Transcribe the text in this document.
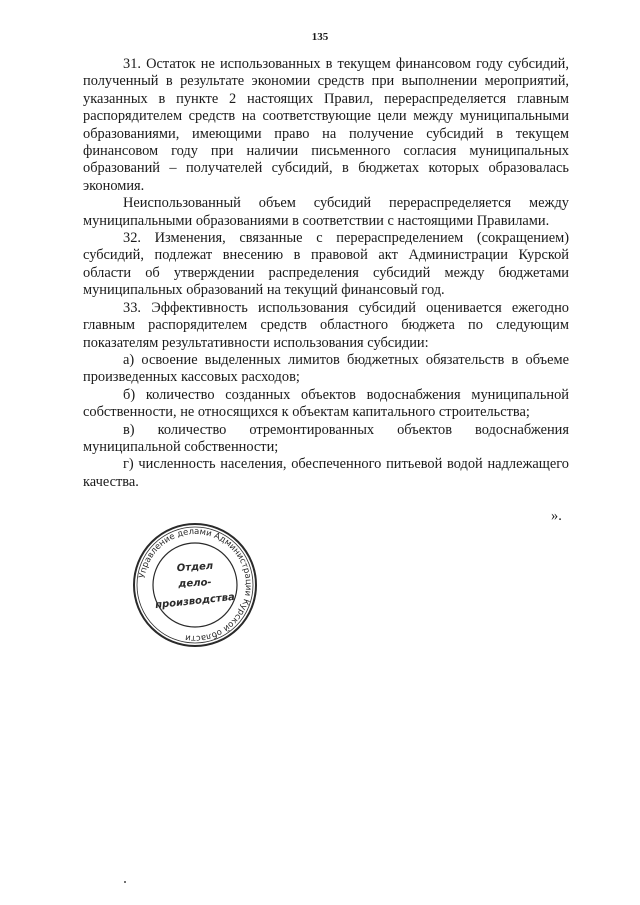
135

31. Остаток не использованных в текущем финансовом году субсидий, полученный в результате экономии средств при выполнении мероприятий, указанных в пункте 2 настоящих Правил, перераспределяется главным распорядителем средств на соответствующие цели между муниципальными образованиями, имеющими право на получение субсидий в текущем финансовом году при наличии письменного согласия муниципальных образований – получателей субсидий, в бюджетах которых образовалась экономия.

Неиспользованный объем субсидий перераспределяется между муниципальными образованиями в соответствии с настоящими Правилами.

32. Изменения, связанные с перераспределением (сокращением) субсидий, подлежат внесению в правовой акт Администрации Курской области об утверждении распределения субсидий между бюджетами муниципальных образований на текущий финансовый год.

33. Эффективность использования субсидий оценивается ежегодно главным распорядителем средств областного бюджета по следующим показателям результативности использования субсидии:

а) освоение выделенных лимитов бюджетных обязательств в объеме произведенных кассовых расходов;

б) количество созданных объектов водоснабжения муниципальной собственности, не относящихся к объектам капитального строительства;

в) количество отремонтированных объектов водоснабжения муниципальной собственности;

г) численность населения, обеспеченного питьевой водой надлежащего качества.

».
Управление делами Администрации Курской области
Отдел
дело-
производства
